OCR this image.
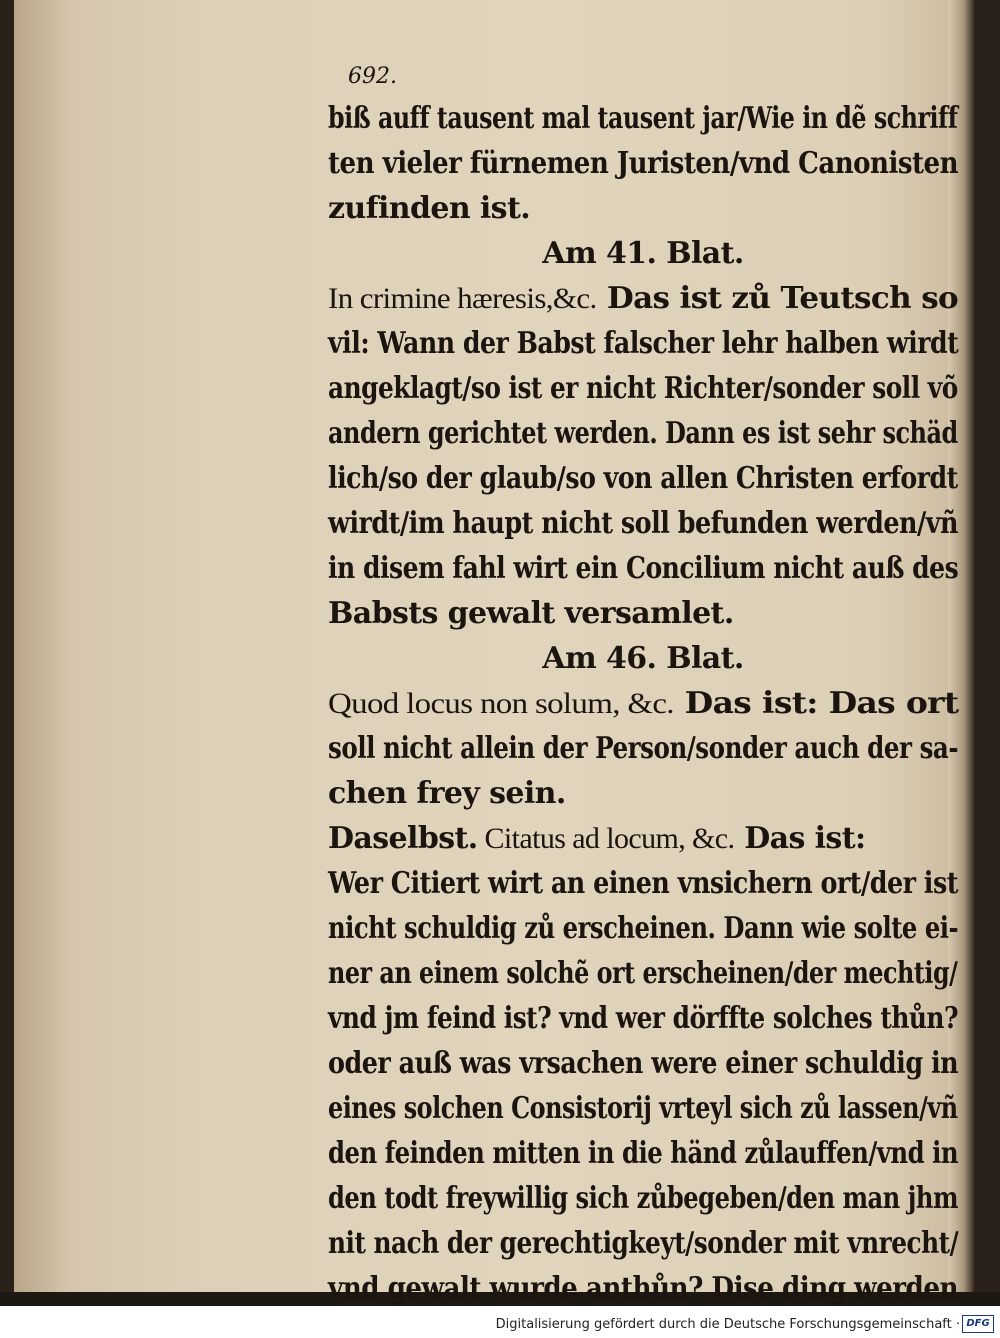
692.
biß auff tausent mal tausent jar/Wie in dẽ schriff
ten vieler fürnemen Juristen/vnd Canonisten
zufinden ist.
Am 41. Blat.
In crimine hæresis,&c. Das ist zů Teutsch so
vil: Wann der Babst falscher lehr halben wirdt
angeklagt/so ist er nicht Richter/sonder soll võ
andern gerichtet werden. Dann es ist sehr schäd
lich/so der glaub/so von allen Christen erfordt
wirdt/im haupt nicht soll befunden werden/vñ
in disem fahl wirt ein Concilium nicht auß des
Babsts gewalt versamlet.
Am 46. Blat.
Quod locus non solum, &c. Das ist: Das ort
soll nicht allein der Person/sonder auch der sa-
chen frey sein.
Daselbst. Citatus ad locum, &c. Das ist:
Wer Citiert wirt an einen vnsichern ort/der ist
nicht schuldig zů erscheinen. Dann wie solte ei-
ner an einem solchẽ ort erscheinen/der mechtig/
vnd jm feind ist? vnd wer dörffte solches thůn?
oder auß was vrsachen were einer schuldig in
eines solchen Consistorij vrteyl sich zů lassen/vñ
den feinden mitten in die händ zůlauffen/vnd in
den todt freywillig sich zůbegeben/den man jhm
nit nach der gerechtigkeyt/sonder mit vnrecht/
vnd gewalt wurde anthůn? Dise ding werden
Digitalisierung gefördert durch die Deutsche Forschungsgemeinschaft · DFG
